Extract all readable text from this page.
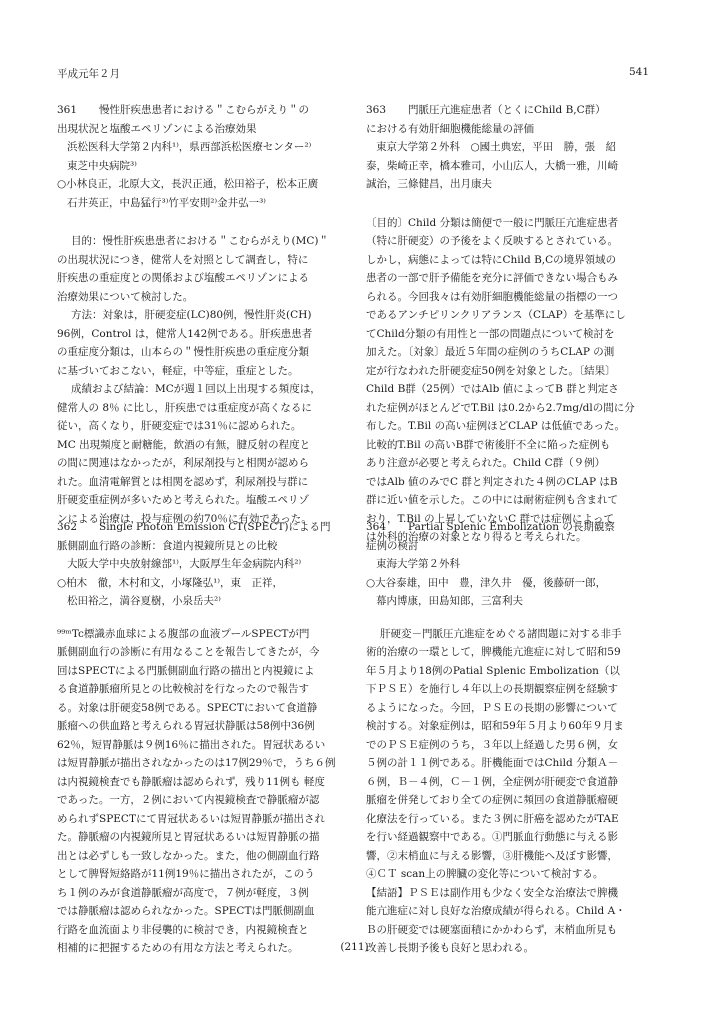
平成元年２月	541
361 慢性肝疾患患者における＂こむらがえり＂の
出現状況と塩酸エペリゾンによる治療効果
浜松医科大学第２内科¹⁾，県西部浜松医療センター²⁾
東芝中央病院³⁾
○小林良正，北原大文，長沢正通，松田裕子，松本正廣
石井英正，中島猛行³⁾竹平安則²⁾金井弘一³⁾
目的：慢性肝疾患患者における＂こむらがえり(MC)＂
の出現状況につき，健常人を対照として調査し，特に
肝疾患の重症度との関係および塩酸エペリゾンによる
治療効果について検討した。
方法：対象は，肝硬変症(LC)80例，慢性肝炎(CH)
96例，Control は，健常人142例である。肝疾患患者
の重症度分類は，山本らの＂慢性肝疾患の重症度分類
に基づいておこない，軽症，中等症，重症とした。
成績および結論：MCが週１回以上出現する頻度は，
健常人の 8％ に比し，肝疾患では重症度が高くなるに
従い，高くなり，肝硬変症では31％に認められた。
MC 出現頻度と耐糖能，飲酒の有無，腱反射の程度と
の間に関連はなかったが，利尿剤投与と相関が認めら
れた。血清電解質とは相関を認めず，利尿剤投与群に
肝硬変重症例が多いためと考えられた。塩酸エペリゾ
ンによる治療は，投与症例の約70％に有効であった。
363 門脈圧亢進症患者（とくにChild B,C群）
における有効肝細胞機能総量の評価
東京大学第２外科　○國土典宏，平田　勝，張　紹
泰，柴崎正幸，橋本雅司，小山広人，大橋一雅，川崎
誠治，三條健昌，出月康夫
〔目的〕Child 分類は簡便で一般に門脈圧亢進症患者
（特に肝硬変）の予後をよく反映するとされている。
しかし，病態によっては特にChild B,Cの境界領域の
患者の一部で肝予備能を充分に評価できない場合もみ
られる。今回我々は有効肝細胞機能総量の指標の一つ
であるアンチピリンクリアランス（CLAP）を基準にし
てChild分類の有用性と一部の問題点について検討を
加えた。〔対象〕最近５年間の症例のうちCLAP の測
定が行なわれた肝硬変症50例を対象とした。〔結果〕
Child B群（25例）ではAlb 値によってB 群と判定さ
れた症例がほとんどでT.Bil は0.2から2.7mg/dlの間に分
布した。T.Bil の高い症例ほどCLAP は低値であった。
比較的T.Bil の高いB群で術後肝不全に陥った症例も
あり注意が必要と考えられた。Child C群（９例）
ではAlb 値のみでC 群と判定された４例のCLAP はB
群に近い値を示した。この中には耐術症例も含まれて
おり，T.Bil の上昇していないC 群では症例によって
は外科的治療の対象となり得ると考えられた。
362 Single Photon Emission CT(SPECT)による門
脈側副血行路の診断：食道内視鏡所見との比較
大阪大学中央放射線部¹⁾，大阪厚生年金病院内科²⁾
○柏木　徹，木村和文，小塚隆弘¹⁾，東　正祥，
松田裕之，満谷夏樹，小泉岳夫²⁾
⁹⁹ᵐTc標識赤血球による腹部の血液プールSPECTが門
脈側副血行の診断に有用なることを報告してきたが，今
回はSPECTによる門脈側副血行路の描出と内視鏡によ
る食道静脈瘤所見との比較検討を行なったので報告す
る。対象は肝硬変58例である。SPECTにおいて食道静
脈瘤への供血路と考えられる胃冠状静脈は58例中36例
62％，短胃静脈は９例16％に描出された。胃冠状あるい
は短胃静脈が描出されなかったのは17例29％で，うち６例
は内視鏡検査でも静脈瘤は認められず，残り11例も 軽度
であった。一方，２例において内視鏡検査で静脈瘤が認
められずSPECTにて胃冠状あるいは短胃静脈が描出され
た。静脈瘤の内視鏡所見と胃冠状あるいは短胃静脈の描
出とは必ずしも一致しなかった。また，他の側副血行路
として脾腎短絡路が11例19％に描出されたが，このう
ち１例のみが食道静脈瘤が高度で，７例が軽度，３例
では静脈瘤は認められなかった。SPECTは門脈側副血
行路を血流面より非侵襲的に検討でき，内視鏡検査と
相補的に把握するための有用な方法と考えられた。
364 Partial Splenic Embolization の長期観察
症例の検討
東海大学第２外科
○大谷泰雄，田中　豊，津久井　優，後藤研一郎，
幕内博康，田島知郎，三富利夫
肝硬変－門脈圧亢進症をめぐる諸問題に対する非手
術的治療の一環として，脾機能亢進症に対して昭和59
年５月より18例のPatial Splenic Embolization（以
下ＰＳＥ）を施行し４年以上の長期観察症例を経験す
るようになった。今回，ＰＳＥの長期の影響について
検討する。対象症例は，昭和59年５月より60年９月ま
でのＰＳＥ症例のうち，３年以上経過した男６例，女
５例の計１１例である。肝機能面ではChild 分類Ａ－
６例，Ｂ－４例，Ｃ－１例，全症例が肝硬変で食道静
脈瘤を併発しており全ての症例に頻回の食道静脈瘤硬
化療法を行っている。また３例に肝癌を認めたがTAE
を行い経過観察中である。①門脈血行動態に与える影
響，②末梢血に与える影響，③肝機能へ及ぼす影響，
④ＣＴ scan上の脾臓の変化等について検討する。
【結語】ＰＳＥは副作用も少なく安全な治療法で脾機
能亢進症に対し良好な治療成績が得られる。Child A・
Ｂの肝硬変では硬塞面積にかかわらず，末梢血所見も
改善し長期予後も良好と思われる。
(211)
